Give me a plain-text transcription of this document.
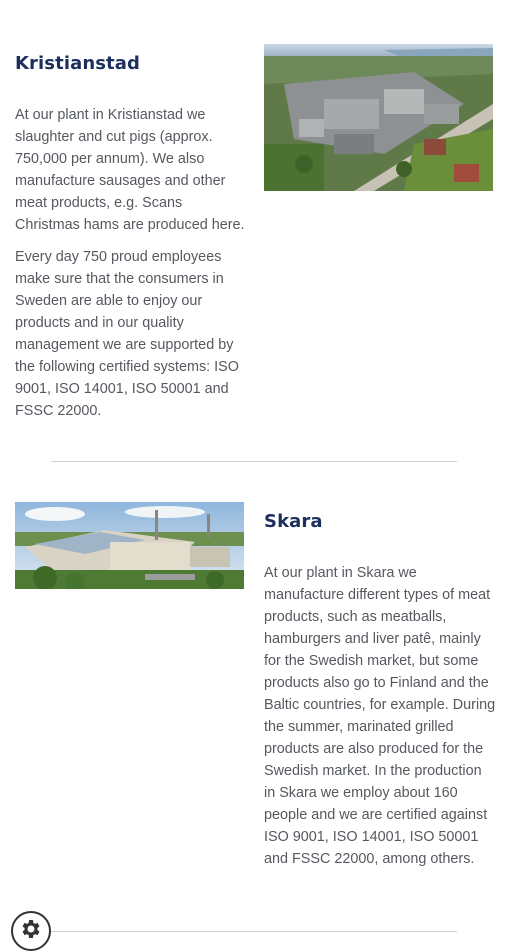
Kristianstad

At our plant in Kristianstad we slaughter and cut pigs (approx. 750,000 per annum). We also manufacture sausages and other meat products, e.g. Scans Christmas hams are produced here.

Every day 750 proud employees make sure that the consumers in Sweden are able to enjoy our products and in our quality management we are supported by the following certified systems: ISO 9001, ISO 14001, ISO 50001 and FSSC 22000.

Skara

At our plant in Skara we manufacture different types of meat products, such as meatballs, hamburgers and liver patê, mainly for the Swedish market, but some products also go to Finland and the Baltic countries, for example. During the summer, marinated grilled products are also produced for the Swedish market. In the production in Skara we employ about 160 people and we are certified against ISO 9001, ISO 14001, ISO 50001 and FSSC 22000, among others.
